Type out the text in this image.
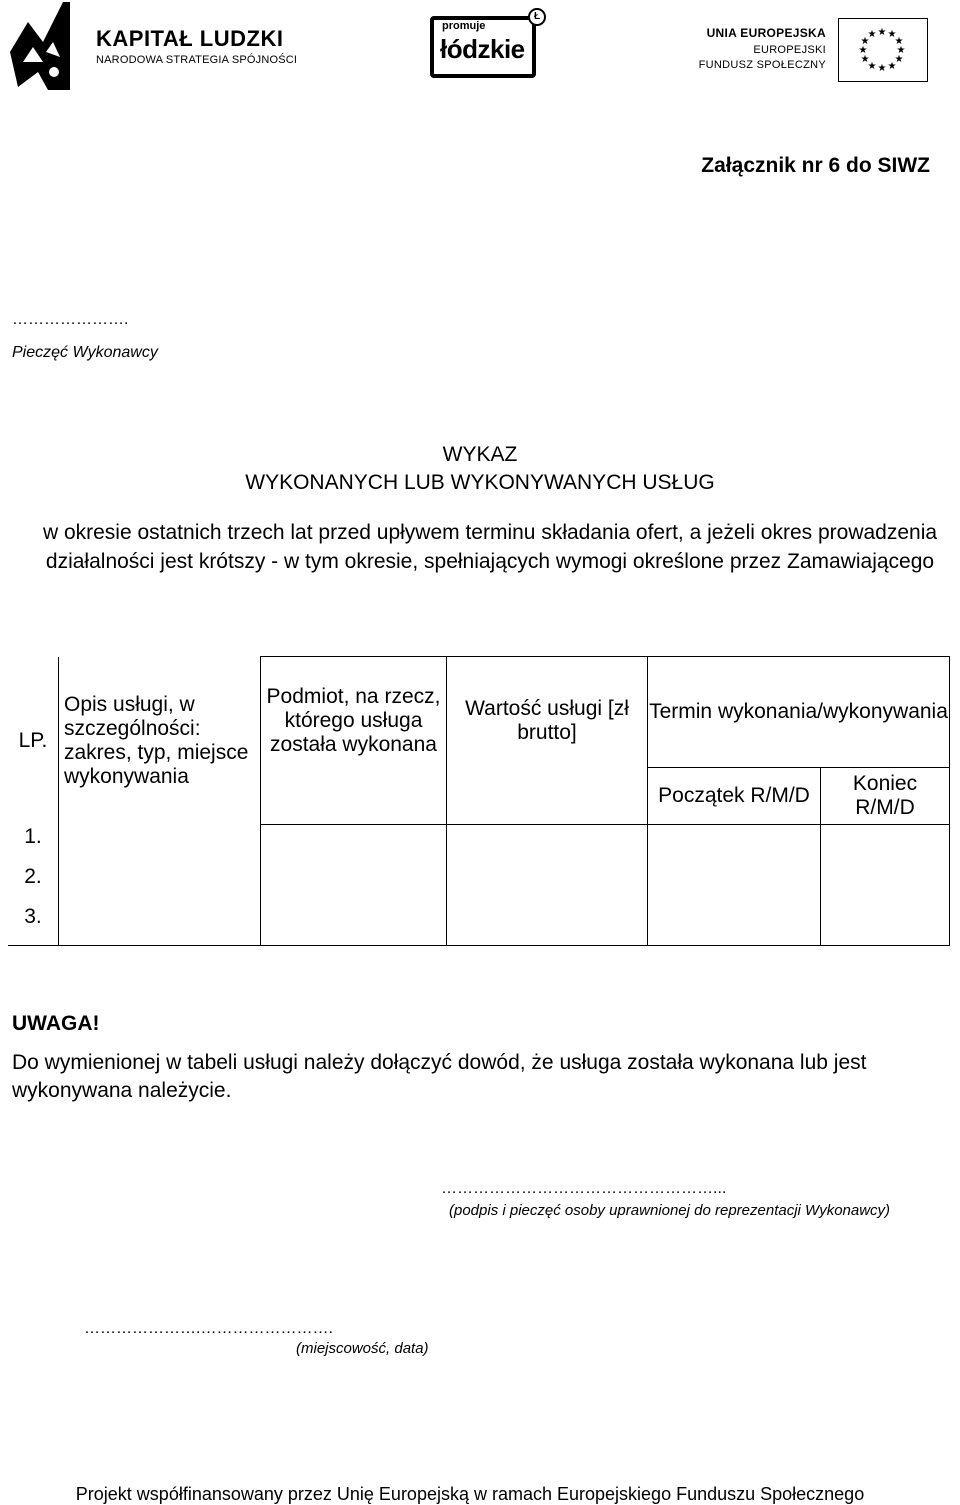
KAPITAŁ LUDZKI
NARODOWA STRATEGIA SPÓJNOŚCI
promuje
łódzkie
Ł
UNIA EUROPEJSKA
EUROPEJSKI
FUNDUSZ SPOŁECZNY
★ ★
★
★
★
★
★
★
★
★
★
★
Załącznik nr 6 do SIWZ
………………….
Pieczęć Wykonawcy
WYKAZ
WYKONANYCH LUB WYKONYWANYCH USŁUG
w okresie ostatnich trzech lat przed upływem terminu składania ofert, a jeżeli okres prowadzenia działalności jest krótszy - w tym okresie, spełniających wymogi określone przez Zamawiającego
LP.	Opis usługi, w szczególności: zakres, typ, miejsce wykonywania	Podmiot, na rzecz, którego usługa została wykonana	Wartość usługi [zł brutto]	Termin wykonania/wykonywania	
				Początek R/M/D	Koniec R/M/D

1.
2.
3.					

UWAGA!
Do wymienionej w tabeli usługi należy dołączyć dowód, że usługa została wykonana lub jest wykonywana należycie.
……………………………………………...
(podpis i pieczęć osoby uprawnionej do reprezentacji Wykonawcy)
………………….…………………….
(miejscowość, data)
Projekt współfinansowany przez Unię Europejską w ramach Europejskiego Funduszu Społecznego
